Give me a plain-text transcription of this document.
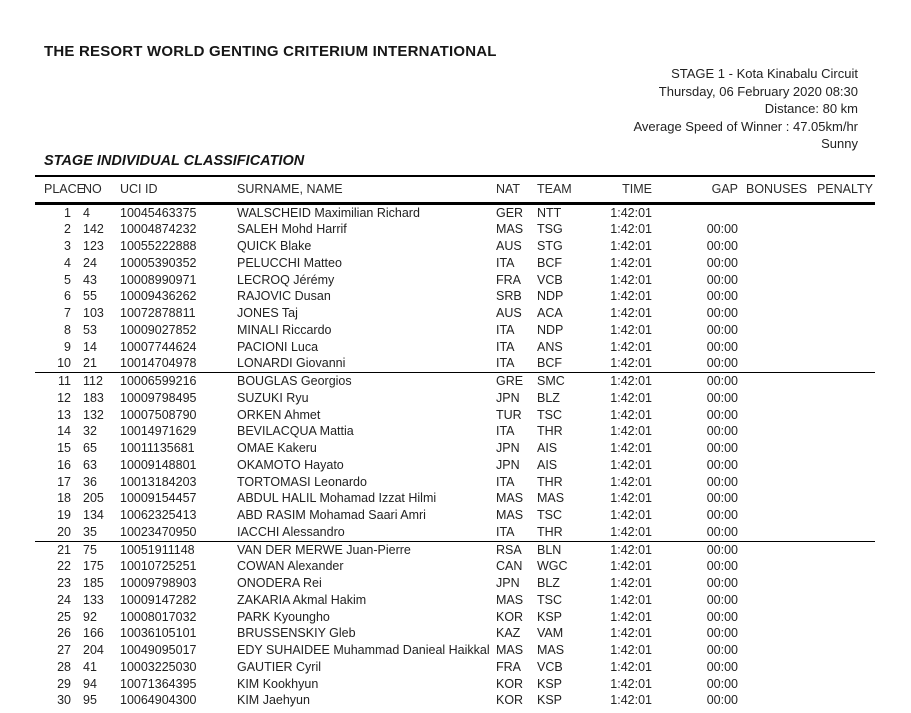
THE RESORT WORLD GENTING CRITERIUM INTERNATIONAL
STAGE 1 - Kota Kinabalu Circuit
Thursday, 06 February 2020 08:30
Distance: 80 km
Average Speed of Winner : 47.05km/hr
Sunny
STAGE INDIVIDUAL CLASSIFICATION
PLACE	NO	UCI ID	SURNAME, NAME	NAT	TEAM	TIME	GAP	BONUSES	PENALTY
1	4	10045463375	WALSCHEID Maximilian Richard	GER	NTT	1:42:01			
2	142	10004874232	SALEH Mohd Harrif	MAS	TSG	1:42:01	00:00		
3	123	10055222888	QUICK Blake	AUS	STG	1:42:01	00:00		
4	24	10005390352	PELUCCHI Matteo	ITA	BCF	1:42:01	00:00		
5	43	10008990971	LECROQ Jérémy	FRA	VCB	1:42:01	00:00		
6	55	10009436262	RAJOVIC Dusan	SRB	NDP	1:42:01	00:00		
7	103	10072878811	JONES Taj	AUS	ACA	1:42:01	00:00		
8	53	10009027852	MINALI Riccardo	ITA	NDP	1:42:01	00:00		
9	14	10007744624	PACIONI Luca	ITA	ANS	1:42:01	00:00		
10	21	10014704978	LONARDI Giovanni	ITA	BCF	1:42:01	00:00		
11	112	10006599216	BOUGLAS Georgios	GRE	SMC	1:42:01	00:00		
12	183	10009798495	SUZUKI Ryu	JPN	BLZ	1:42:01	00:00		
13	132	10007508790	ORKEN Ahmet	TUR	TSC	1:42:01	00:00		
14	32	10014971629	BEVILACQUA Mattia	ITA	THR	1:42:01	00:00		
15	65	10011135681	OMAE Kakeru	JPN	AIS	1:42:01	00:00		
16	63	10009148801	OKAMOTO Hayato	JPN	AIS	1:42:01	00:00		
17	36	10013184203	TORTOMASI Leonardo	ITA	THR	1:42:01	00:00		
18	205	10009154457	ABDUL HALIL Mohamad Izzat Hilmi	MAS	MAS	1:42:01	00:00		
19	134	10062325413	ABD RASIM Mohamad Saari Amri	MAS	TSC	1:42:01	00:00		
20	35	10023470950	IACCHI Alessandro	ITA	THR	1:42:01	00:00		
21	75	10051911148	VAN DER MERWE Juan-Pierre	RSA	BLN	1:42:01	00:00		
22	175	10010725251	COWAN Alexander	CAN	WGC	1:42:01	00:00		
23	185	10009798903	ONODERA Rei	JPN	BLZ	1:42:01	00:00		
24	133	10009147282	ZAKARIA Akmal Hakim	MAS	TSC	1:42:01	00:00		
25	92	10008017032	PARK Kyoungho	KOR	KSP	1:42:01	00:00		
26	166	10036105101	BRUSSENSKIY Gleb	KAZ	VAM	1:42:01	00:00		
27	204	10049095017	EDY SUHAIDEE Muhammad Danieal Haikkal	MAS	MAS	1:42:01	00:00		
28	41	10003225030	GAUTIER Cyril	FRA	VCB	1:42:01	00:00		
29	94	10071364395	KIM Kookhyun	KOR	KSP	1:42:01	00:00		
30	95	10064904300	KIM Jaehyun	KOR	KSP	1:42:01	00:00		
